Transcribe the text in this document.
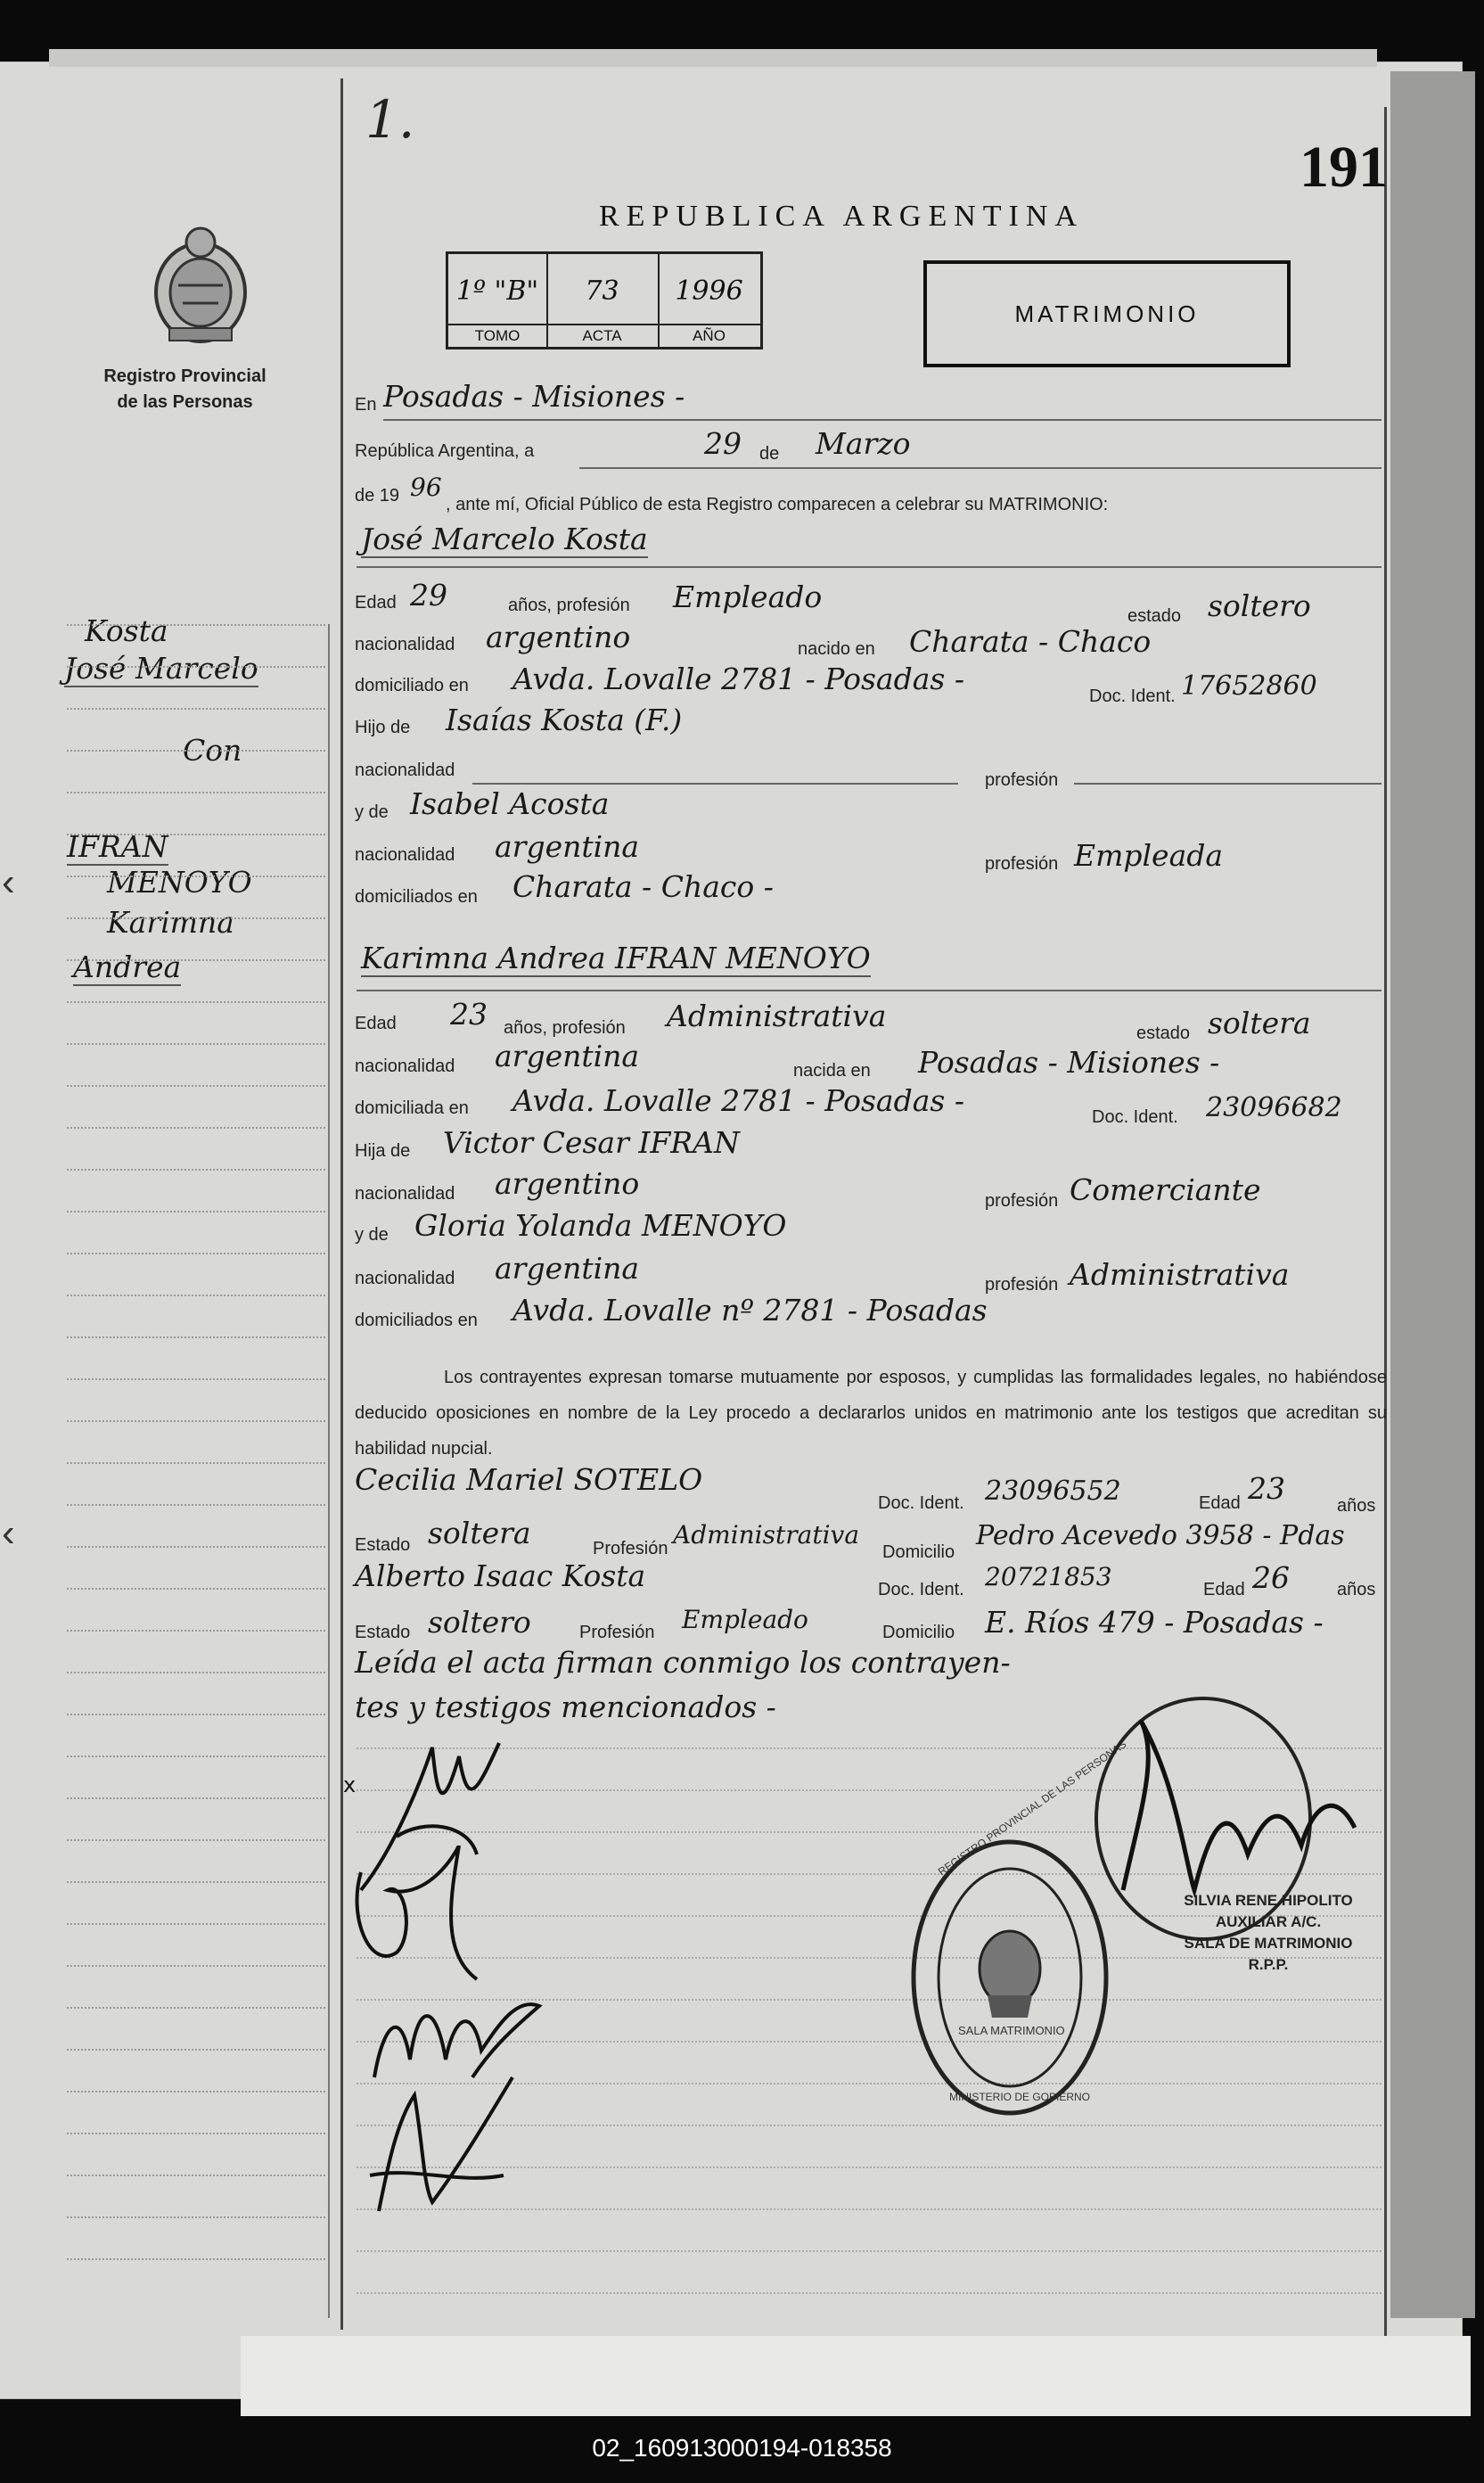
1.
191
REPUBLICA ARGENTINA
Registro Provincial
de las Personas
1º "B"
TOMO
73
ACTA
1996
AÑO
MATRIMONIO
Kosta
José Marcelo
Con
IFRAN
MENOYO
Karimna
Andrea
‹
‹
En Posadas - Misiones -
República Argentina, a	29 de Marzo
de 19 96
, ante mí, Oficial Público de esta Registro comparecen a celebrar su MATRIMONIO:
José Marcelo Kosta
Edad 29	años, profesión Empleado
estado soltero
nacionalidad argentino	nacido en Charata - Chaco
domiciliado en Avda. Lovalle 2781 - Posadas -	Doc. Ident. 17652860
Hijo de Isaías Kosta (F.)
nacionalidad	profesión
y de Isabel Acosta
nacionalidad argentina	profesión Empleada
domiciliados en Charata - Chaco -
Karimna Andrea IFRAN MENOYO
Edad 23 años, profesión Administrativa	estado soltera
nacionalidad argentina	nacida en Posadas - Misiones -
domiciliada en Avda. Lovalle 2781 - Posadas -	Doc. Ident. 23096682
Hija de Victor Cesar IFRAN
nacionalidad argentino	profesión Comerciante
y de Gloria Yolanda MENOYO
nacionalidad argentina	profesión Administrativa
domiciliados en Avda. Lovalle nº 2781 - Posadas
Los contrayentes expresan tomarse mutuamente por esposos, y cumplidas las formalidades legales, no habiéndose deducido oposiciones en nombre de la Ley procedo a declararlos unidos en matrimonio ante los testigos que acreditan su habilidad nupcial.
Cecilia Mariel SOTELO
Doc. Ident. 23096552	Edad 23	años
Estado soltera	Profesión Administrativa
Domicilio
Pedro Acevedo 3958 - Pdas
Alberto Isaac Kosta	Doc. Ident. 20721853	Edad 26	años
Estado soltero	Profesión Empleado	Domicilio E. Ríos 479 - Posadas -
Leída el acta firman conmigo los contrayen-
tes y testigos mencionados -
x	REGISTRO PROVINCIAL DE LAS PERSONAS
SALA MATRIMONIO
MINISTERIO DE GOBIERNO
SILVIA RENE HIPOLITO
AUXILIAR A/C.
SALA DE MATRIMONIO
R.P.P.
02_160913000194-018358
